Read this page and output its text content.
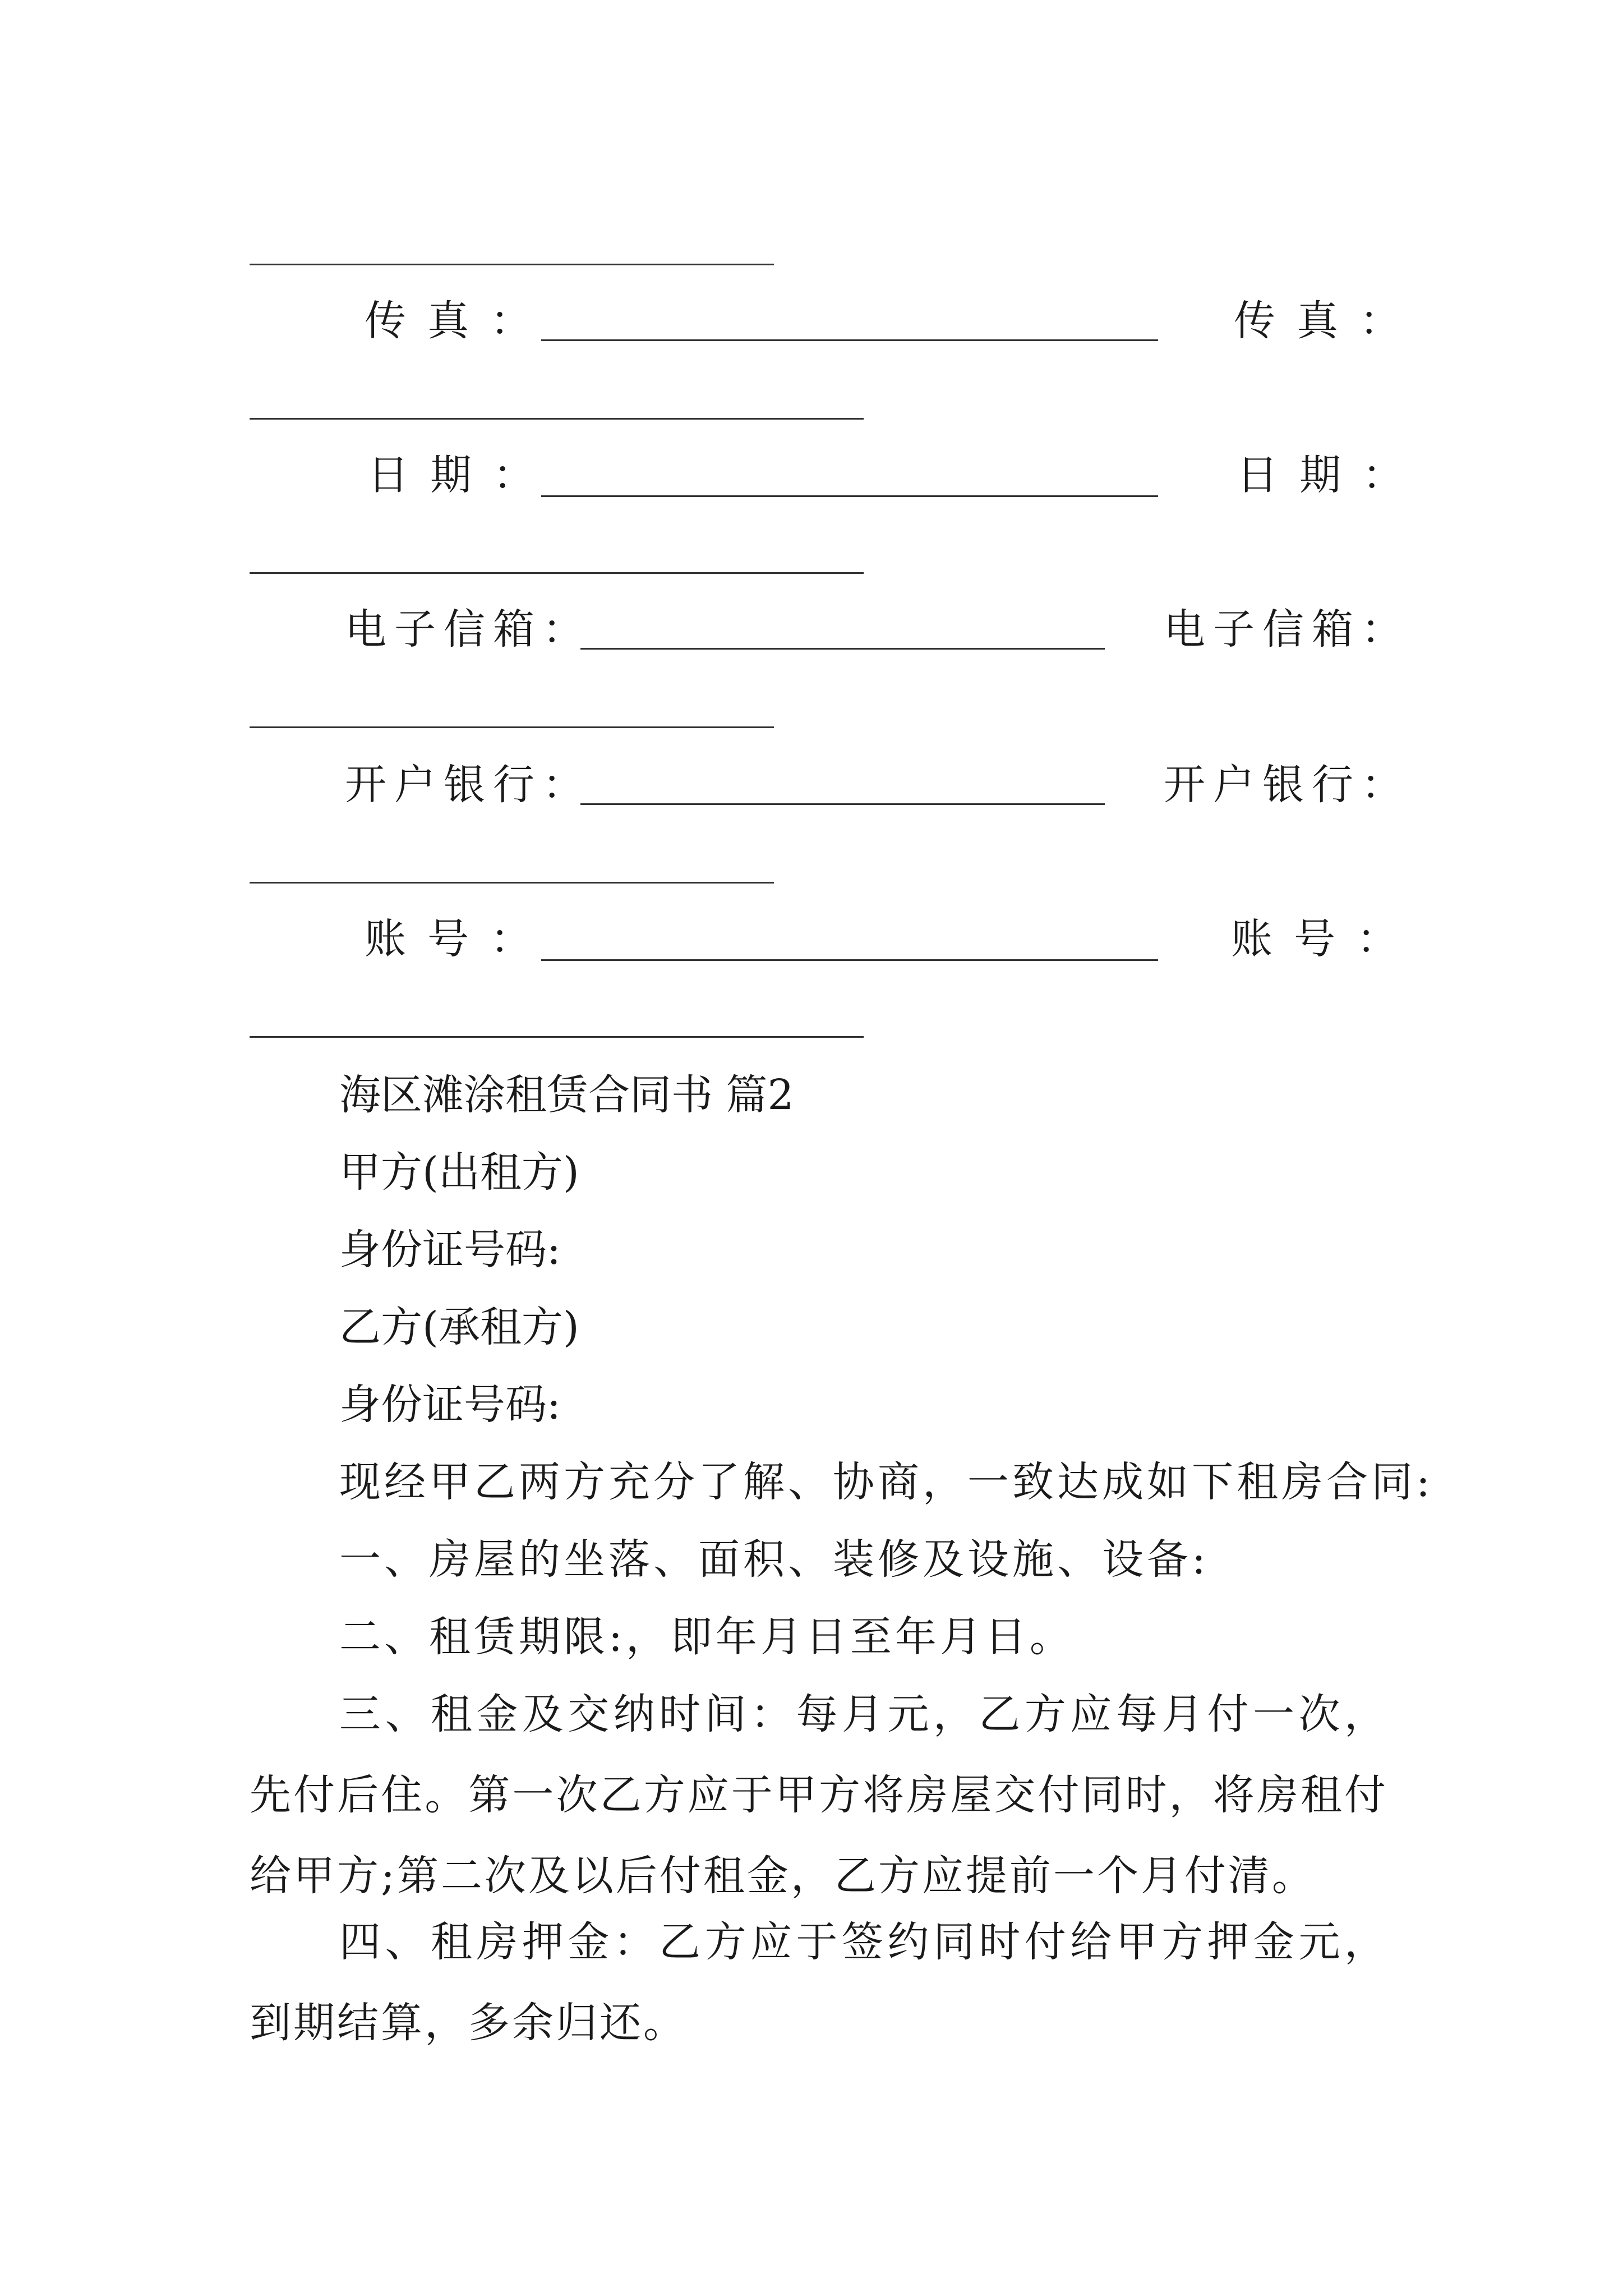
传真：	传真：
日期：	日期：
电子信箱：	电子信箱：
开户银行：	开户银行：
账号：	账号：
海区滩涂租赁合同书 篇2
甲方(出租方)
身份证号码:
乙方(承租方)
身份证号码:
现经甲乙两方充分了解、协商，一致达成如下租房合同:
一、房屋的坐落、面积、装修及设施、设备:
二、租赁期限:，即年月日至年月日。
三、租金及交纳时间：每月元，乙方应每月付一次，先付后住。第一次乙方应于甲方将房屋交付同时，将房租付给甲方;第二次及以后付租金，乙方应提前一个月付清。
四、租房押金：乙方应于签约同时付给甲方押金元，到期结算，多余归还。
